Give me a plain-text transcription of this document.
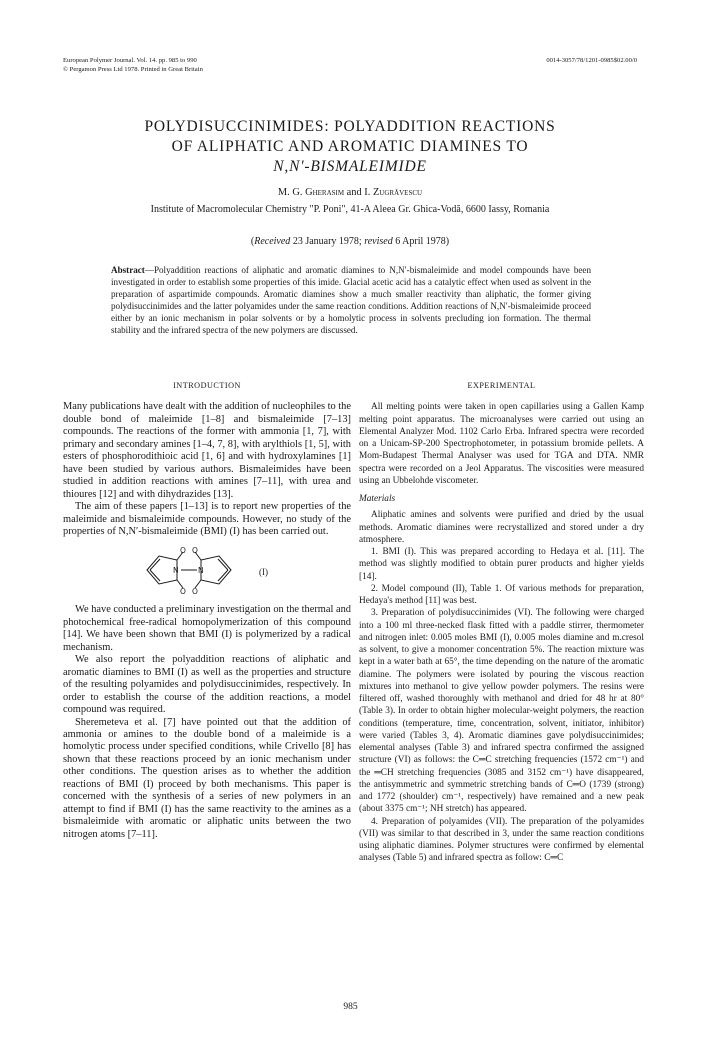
European Polymer Journal. Vol. 14. pp. 985 to 990
© Pergamon Press Ltd 1978. Printed in Great Britain
0014-3057/78/1201-0985$02.00/0
POLYDISUCCINIMIDES: POLYADDITION REACTIONS
OF ALIPHATIC AND AROMATIC DIAMINES TO
N,N′-BISMALEIMIDE
M. G. Gherasim and I. Zugrăvescu
Institute of Macromolecular Chemistry "P. Poni", 41-A Aleea Gr. Ghica-Vodă, 6600 Iassy, Romania
(Received 23 January 1978; revised 6 April 1978)
Abstract—Polyaddition reactions of aliphatic and aromatic diamines to N,N′-bismaleimide and model compounds have been investigated in order to establish some properties of this imide. Glacial acetic acid has a catalytic effect when used as solvent in the preparation of aspartimide compounds. Aromatic diamines show a much smaller reactivity than aliphatic, the former giving polydisuccinimides and the latter polyamides under the same reaction conditions. Addition reactions of N,N′-bismaleimide proceed either by an ionic mechanism in polar solvents or by a homolytic process in solvents precluding ion formation. The thermal stability and the infrared spectra of the new polymers are discussed.
INTRODUCTION

Many publications have dealt with the addition of nucleophiles to the double bond of maleimide [1–8] and bismaleimide [7–13] compounds. The reactions of the former with ammonia [1, 7], with primary and secondary amines [1–4, 7, 8], with arylthiols [1, 5], with esters of phosphorodithioic acid [1, 6] and with hydroxylamines [1] have been studied by various authors. Bismaleimides have been studied in addition reactions with amines [7–11], with urea and thioures [12] and with dihydrazides [13].

The aim of these papers [1–13] is to report new properties of the maleimide and bismaleimide compounds. However, no study of the properties of N,N′-bismaleimide (BMI) (I) has been carried out.

O O
N	N
O O
(I)

We have conducted a preliminary investigation on the thermal and photochemical free-radical homopolymerization of this compound [14]. We have been shown that BMI (I) is polymerized by a radical mechanism.

We also report the polyaddition reactions of aliphatic and aromatic diamines to BMI (I) as well as the properties and structure of the resulting polyamides and polydisuccinimides, respectively. In order to establish the course of the addition reactions, a model compound was required.

Sheremeteva et al. [7] have pointed out that the addition of ammonia or amines to the double bond of a maleimide is a homolytic process under specified conditions, while Crivello [8] has shown that these reactions proceed by an ionic mechanism under other conditions. The question arises as to whether the addition reactions of BMI (I) proceed by both mechanisms. This paper is concerned with the synthesis of a series of new polymers in an attempt to find if BMI (I) has the same reactivity to the amines as a bismaleimide with aromatic or aliphatic units between the two nitrogen atoms [7–11].

EXPERIMENTAL

All melting points were taken in open capillaries using a Gallen Kamp melting point apparatus. The microanalyses were carried out using an Elemental Analyzer Mod. 1102 Carlo Erba. Infrared spectra were recorded on a Unicam-SP-200 Spectrophotometer, in potassium bromide pellets. A Mom-Budapest Thermal Analyser was used for TGA and DTA. NMR spectra were recorded on a Jeol Apparatus. The viscosities were measured using an Ubbelohde viscometer.

Materials

Aliphatic amines and solvents were purified and dried by the usual methods. Aromatic diamines were recrystallized and stored under a dry atmosphere.

1. BMI (I). This was prepared according to Hedaya et al. [11]. The method was slightly modified to obtain purer products and higher yields [14].

2. Model compound (II), Table 1. Of various methods for preparation, Hedaya's method [11] was best.

3. Preparation of polydisuccinimides (VI). The following were charged into a 100 ml three-necked flask fitted with a paddle stirrer, thermometer and nitrogen inlet: 0.005 moles BMI (I), 0.005 moles diamine and m.cresol as solvent, to give a monomer concentration 5%. The reaction mixture was kept in a water bath at 65°, the time depending on the nature of the aromatic diamine. The polymers were isolated by pouring the viscous reaction mixtures into methanol to give yellow powder polymers. The resins were filtered off, washed thoroughly with methanol and dried for 48 hr at 80° (Table 3). In order to obtain higher molecular-weight polymers, the reaction conditions (temperature, time, concentration, solvent, initiator, inhibitor) were varied (Tables 3, 4). Aromatic diamines gave polydisuccinimides; elemental analyses (Table 3) and infrared spectra confirmed the assigned structure (VI) as follows: the C═C stretching frequencies (1572 cm⁻¹) and the ═CH stretching frequencies (3085 and 3152 cm⁻¹) have disappeared, the antisymmetric and symmetric stretching bands of C═O (1739 (strong) and 1772 (shoulder) cm⁻¹, respectively) have remained and a new peak (about 3375 cm⁻¹; NH stretch) has appeared.

4. Preparation of polyamides (VII). The preparation of the polyamides (VII) was similar to that described in 3, under the same reaction conditions using aliphatic diamines. Polymer structures were confirmed by elemental analyses (Table 5) and infrared spectra as follow: C═C

985
